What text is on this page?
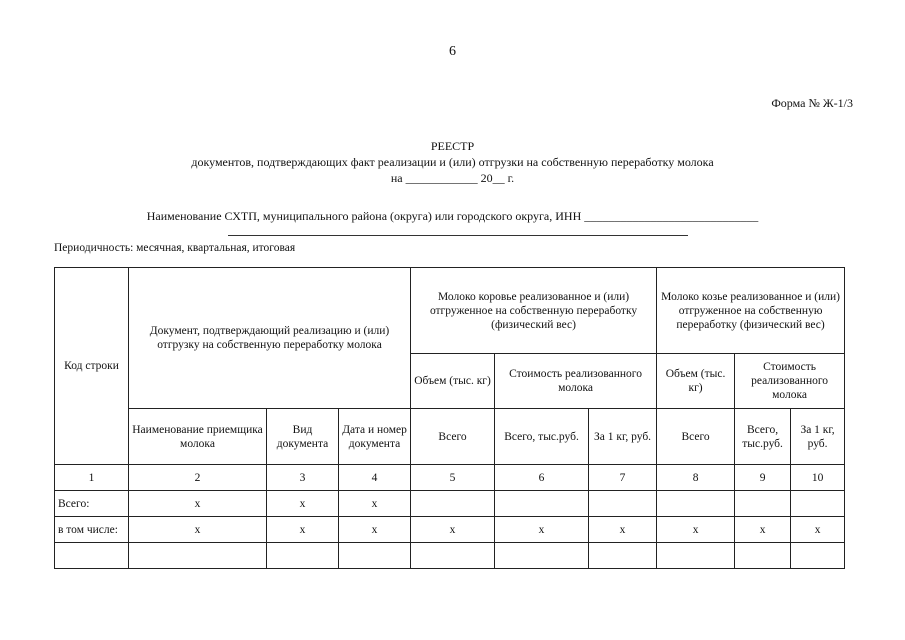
6
Форма № Ж-1/3
РЕЕСТР
документов, подтверждающих факт реализации и (или) отгрузки на собственную переработку молока
на ____________ 20__ г.
Наименование СХТП, муниципального района (округа) или городского округа, ИНН _____________________________
Периодичность: месячная, квартальная, итоговая
Код строки	Документ, подтверждающий реализацию и (или) отгрузку на собственную переработку молока			Молоко коровье реализованное и (или) отгруженное на собственную переработку (физический вес)			Молоко козье реализованное и (или) отгруженное на собственную переработку (физический вес)		
				Объем (тыс. кг)	Стоимость реализованного молока		Объем (тыс. кг)	Стоимость реализованного молока	
	Наименование приемщика молока	Вид документа	Дата и номер документа	Всего	Всего, тыс.руб.	За 1 кг, руб.	Всего	Всего, тыс.руб.	За 1 кг, руб.
1	2	3	4	5	6	7	8	9	10
Всего:	x	x	x						
в том числе:	x	x	x	x	x	x	x	x	x
